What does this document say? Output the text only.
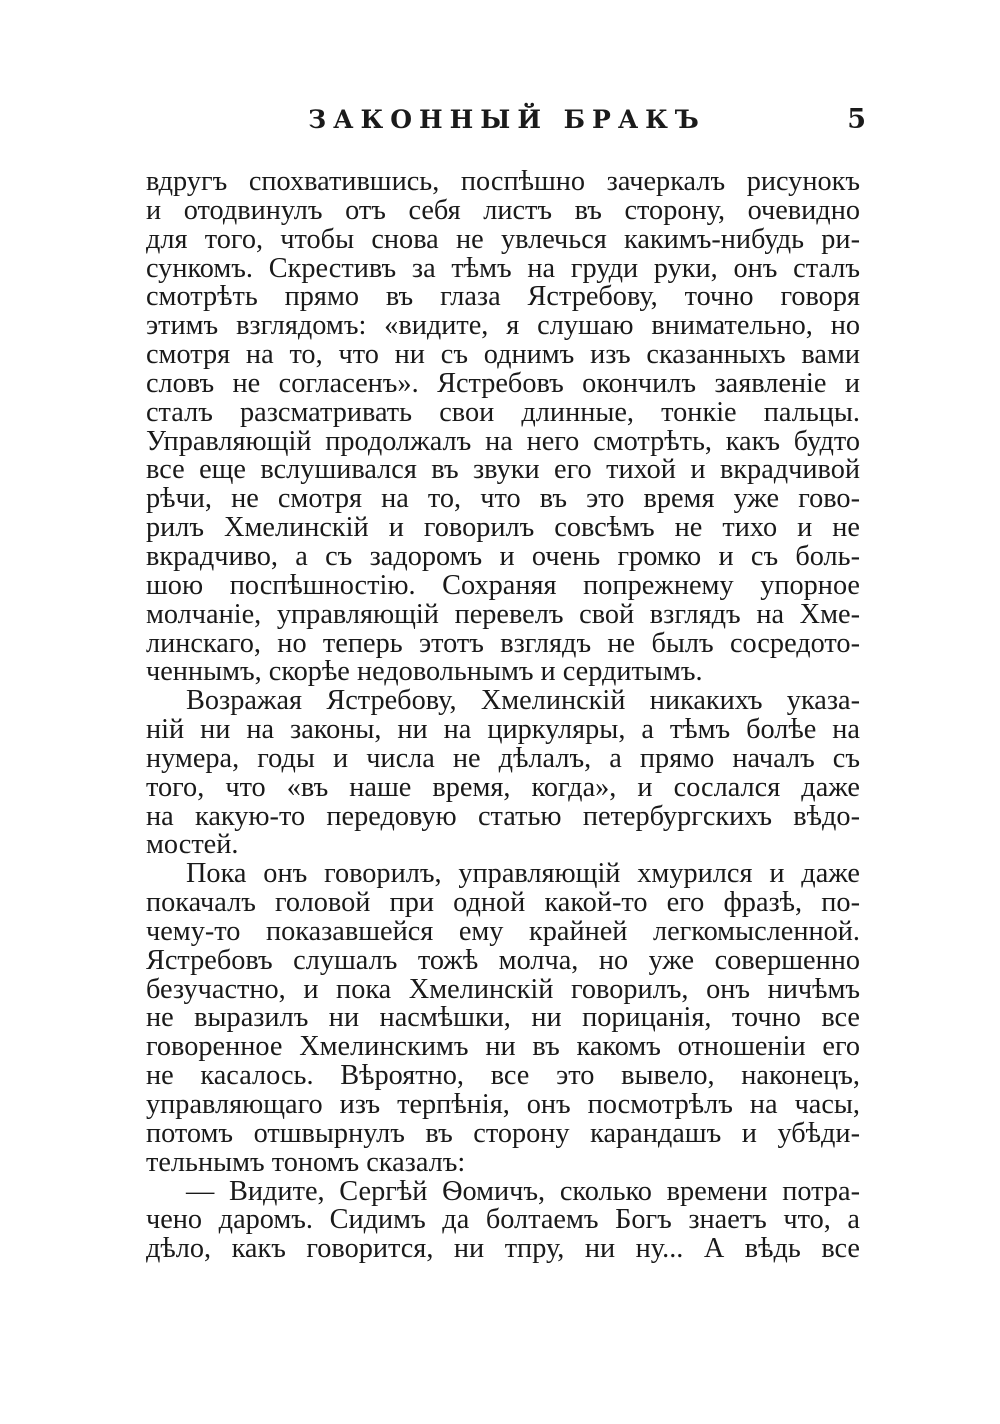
ЗАКОННЫЙ БРАКЪ	5
вдругъ спохватившись, поспѣшно зачеркалъ рисунокъ
и отодвинулъ отъ себя листъ въ сторону, очевидно
для того, чтобы снова не увлечься какимъ-нибудь ри-
сункомъ. Скрестивъ за тѣмъ на груди руки, онъ сталъ
смотрѣть прямо въ глаза Ястребову, точно говоря
этимъ взглядомъ: «видите, я слушаю внимательно, но
смотря на то, что ни съ однимъ изъ сказанныхъ вами
словъ не согласенъ». Ястребовъ окончилъ заявленіе и
сталъ разсматривать свои длинные, тонкіе пальцы.
Управляющій продолжалъ на него смотрѣть, какъ будто
все еще вслушивался въ звуки его тихой и вкрадчивой
рѣчи, не смотря на то, что въ это время уже гово-
рилъ Хмелинскій и говорилъ совсѣмъ не тихо и не
вкрадчиво, а съ задоромъ и очень громко и съ боль-
шою поспѣшностію. Сохраняя попрежнему упорное
молчаніе, управляющій перевелъ свой взглядъ на Хме-
линскаго, но теперь этотъ взглядъ не былъ сосредото-
ченнымъ, скорѣе недовольнымъ и сердитымъ.
Возражая Ястребову, Хмелинскій никакихъ указа-
ній ни на законы, ни на циркуляры, а тѣмъ болѣе на
нумера, годы и числа не дѣлалъ, а прямо началъ съ
того, что «въ наше время, когда», и сослался даже
на какую-то передовую статью петербургскихъ вѣдо-
мостей.
Пока онъ говорилъ, управляющій хмурился и даже
покачалъ головой при одной какой-то его фразѣ, по-
чему-то показавшейся ему крайней легкомысленной.
Ястребовъ слушалъ тожѣ молча, но уже совершенно
безучастно, и пока Хмелинскій говорилъ, онъ ничѣмъ
не выразилъ ни насмѣшки, ни порицанія, точно все
говоренное Хмелинскимъ ни въ какомъ отношеніи его
не касалось. Вѣроятно, все это вывело, наконецъ,
управляющаго изъ терпѣнія, онъ посмотрѣлъ на часы,
потомъ отшвырнулъ въ сторону карандашъ и убѣди-
тельнымъ тономъ сказалъ:
— Видите, Сергѣй Ѳомичъ, сколько времени потра-
чено даромъ. Сидимъ да болтаемъ Богъ знаетъ что, а
дѣло, какъ говорится, ни тпру, ни ну... А вѣдь все
